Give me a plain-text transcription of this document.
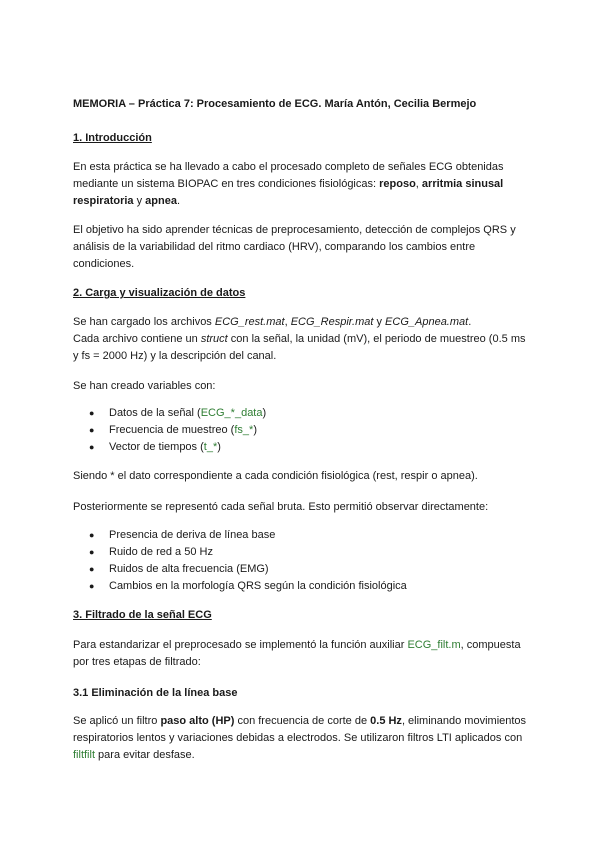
MEMORIA – Práctica 7: Procesamiento de ECG. María Antón, Cecilia Bermejo
1. Introducción
En esta práctica se ha llevado a cabo el procesado completo de señales ECG obtenidas mediante un sistema BIOPAC en tres condiciones fisiológicas: reposo, arritmia sinusal respiratoria y apnea.
El objetivo ha sido aprender técnicas de preprocesamiento, detección de complejos QRS y análisis de la variabilidad del ritmo cardiaco (HRV), comparando los cambios entre condiciones.
2. Carga y visualización de datos
Se han cargado los archivos ECG_rest.mat, ECG_Respir.mat y ECG_Apnea.mat.
Cada archivo contiene un struct con la señal, la unidad (mV), el periodo de muestreo (0.5 ms y fs = 2000 Hz) y la descripción del canal.
Se han creado variables con:
● Datos de la señal (ECG_*_data)
● Frecuencia de muestreo (fs_*)
● Vector de tiempos (t_*)
Siendo * el dato correspondiente a cada condición fisiológica (rest, respir o apnea).
Posteriormente se representó cada señal bruta. Esto permitió observar directamente:
● Presencia de deriva de línea base
● Ruido de red a 50 Hz
● Ruidos de alta frecuencia (EMG)
● Cambios en la morfología QRS según la condición fisiológica
3. Filtrado de la señal ECG
Para estandarizar el preprocesado se implementó la función auxiliar ECG_filt.m, compuesta por tres etapas de filtrado:
3.1 Eliminación de la línea base
Se aplicó un filtro paso alto (HP) con frecuencia de corte de 0.5 Hz, eliminando movimientos respiratorios lentos y variaciones debidas a electrodos. Se utilizaron filtros LTI aplicados con filtfilt para evitar desfase.
